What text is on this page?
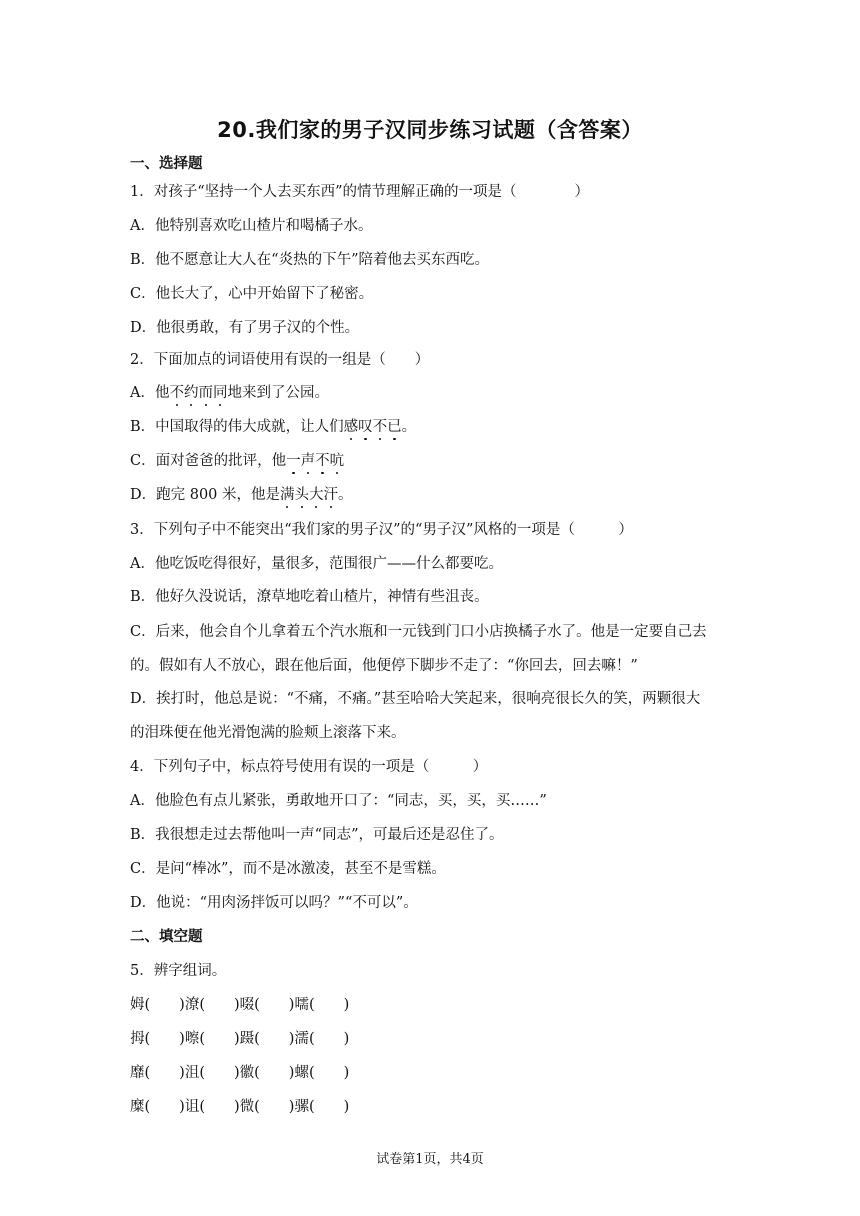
20.我们家的男子汉同步练习试题（含答案）
一、选择题
1．对孩子“坚持一个人去买东西”的情节理解正确的一项是（　　　　）
A．他特别喜欢吃山楂片和喝橘子水。
B．他不愿意让大人在“炎热的下午”陪着他去买东西吃。
C．他长大了，心中开始留下了秘密。
D．他很勇敢，有了男子汉的个性。
2．下面加点的词语使用有误的一组是（　　）
A．他不约而同地来到了公园。
B．中国取得的伟大成就，让人们感叹不已。
C．面对爸爸的批评，他一声不吭
D．跑完 800 米，他是满头大汗。
3．下列句子中不能突出“我们家的男子汉”的“男子汉”风格的一项是（　　　）
A．他吃饭吃得很好，量很多，范围很广——什么都要吃。
B．他好久没说话，潦草地吃着山楂片，神情有些沮丧。
C．后来，他会自个儿拿着五个汽水瓶和一元钱到门口小店换橘子水了。他是一定要自己去
的。假如有人不放心，跟在他后面，他便停下脚步不走了：“你回去，回去嘛！”
D．挨打时，他总是说：“不痛，不痛。”甚至哈哈大笑起来，很响亮很长久的笑，两颗很大
的泪珠便在他光滑饱满的脸颊上滚落下来。
4．下列句子中，标点符号使用有误的一项是（　　　）
A．他脸色有点儿紧张，勇敢地开口了：“同志，买，买，买……”
B．我很想走过去帮他叫一声“同志”，可最后还是忍住了。
C．是问“棒冰”，而不是冰激凌，甚至不是雪糕。
D．他说：“用肉汤拌饭可以吗？”“不可以”。
二、填空题
5．辨字组词。
姆(　　)潦(　　)啜(　　)嚅(　　)
拇(　　)嚓(　　)蹑(　　)濡(　　)
靡(　　)沮(　　)徽(　　)螺(　　)
糜(　　)诅(　　)微(　　)骡(　　)
试卷第1页，共4页
